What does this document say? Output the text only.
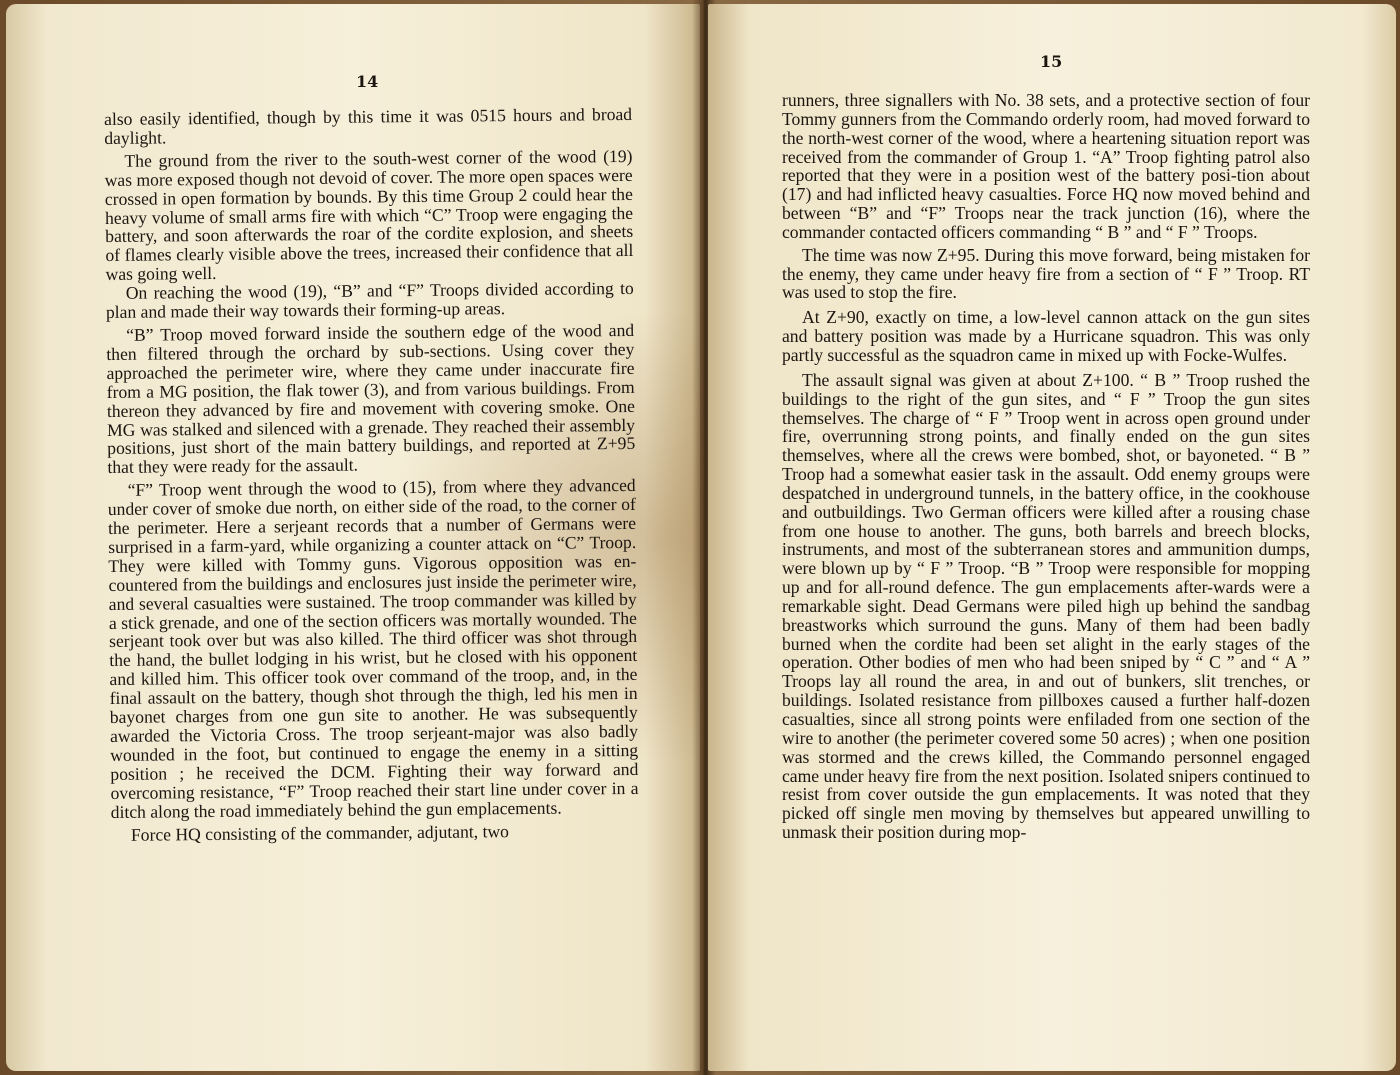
14

also easily identified, though by this time it was 0515 hours and broad daylight.

The ground from the river to the south-west corner of the wood (19) was more exposed though not devoid of cover. The more open spaces were crossed in open formation by bounds. By this time Group 2 could hear the heavy volume of small arms fire with which “C” Troop were engaging the battery, and soon afterwards the roar of the cordite explosion, and sheets of flames clearly visible above the trees, increased their confidence that all was going well.

On reaching the wood (19), “B” and “F” Troops divided according to plan and made their way towards their forming-up areas.

“B” Troop moved forward inside the southern edge of the wood and then filtered through the orchard by sub-sections. Using cover they approached the perimeter wire, where they came under inaccurate fire from a MG position, the flak tower (3), and from various buildings. From thereon they advanced by fire and movement with covering smoke. One MG was stalked and silenced with a grenade. They reached their assembly positions, just short of the main battery buildings, and reported at Z+95 that they were ready for the assault.

“F” Troop went through the wood to (15), from where they advanced under cover of smoke due north, on either side of the road, to the corner of the perimeter. Here a serjeant records that a number of Germans were surprised in a farm-yard, while organizing a counter attack on “C” Troop. They were killed with Tommy guns. Vigorous opposition was en-countered from the buildings and enclosures just inside the perimeter wire, and several casualties were sustained. The troop commander was killed by a stick grenade, and one of the section officers was mortally wounded. The serjeant took over but was also killed. The third officer was shot through the hand, the bullet lodging in his wrist, but he closed with his opponent and killed him. This officer took over command of the troop, and, in the final assault on the battery, though shot through the thigh, led his men in bayonet charges from one gun site to another. He was subsequently awarded the Victoria Cross. The troop serjeant-major was also badly wounded in the foot, but continued to engage the enemy in a sitting position ; he received the DCM. Fighting their way forward and overcoming resistance, “F” Troop reached their start line under cover in a ditch along the road immediately behind the gun emplacements.

Force HQ consisting of the commander, adjutant, two

15

runners, three signallers with No. 38 sets, and a protective section of four Tommy gunners from the Commando orderly room, had moved forward to the north-west corner of the wood, where a heartening situation report was received from the commander of Group 1. “A” Troop fighting patrol also reported that they were in a position west of the battery posi-tion about (17) and had inflicted heavy casualties. Force HQ now moved behind and between “B” and “F” Troops near the track junction (16), where the commander contacted officers commanding “ B ” and “ F ” Troops.

The time was now Z+95. During this move forward, being mistaken for the enemy, they came under heavy fire from a section of “ F ” Troop. RT was used to stop the fire.

At Z+90, exactly on time, a low-level cannon attack on the gun sites and battery position was made by a Hurricane squadron. This was only partly successful as the squadron came in mixed up with Focke-Wulfes.

The assault signal was given at about Z+100. “ B ” Troop rushed the buildings to the right of the gun sites, and “ F ” Troop the gun sites themselves. The charge of “ F ” Troop went in across open ground under fire, overrunning strong points, and finally ended on the gun sites themselves, where all the crews were bombed, shot, or bayoneted. “ B ” Troop had a somewhat easier task in the assault. Odd enemy groups were despatched in underground tunnels, in the battery office, in the cookhouse and outbuildings. Two German officers were killed after a rousing chase from one house to another. The guns, both barrels and breech blocks, instruments, and most of the subterranean stores and ammunition dumps, were blown up by “ F ” Troop. “B ” Troop were responsible for mopping up and for all-round defence. The gun emplacements after-wards were a remarkable sight. Dead Germans were piled high up behind the sandbag breastworks which surround the guns. Many of them had been badly burned when the cordite had been set alight in the early stages of the operation. Other bodies of men who had been sniped by “ C ” and “ A ” Troops lay all round the area, in and out of bunkers, slit trenches, or buildings. Isolated resistance from pillboxes caused a further half-dozen casualties, since all strong points were enfiladed from one section of the wire to another (the perimeter covered some 50 acres) ; when one position was stormed and the crews killed, the Commando personnel engaged came under heavy fire from the next position. Isolated snipers continued to resist from cover outside the gun emplacements. It was noted that they picked off single men moving by themselves but appeared unwilling to unmask their position during mop-
